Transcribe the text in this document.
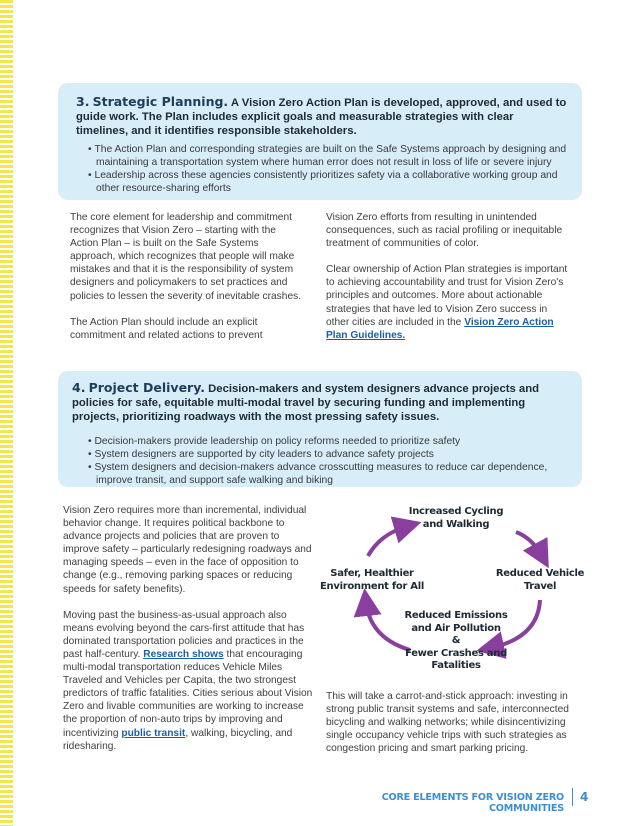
3. Strategic Planning. A Vision Zero Action Plan is developed, approved, and used to guide work. The Plan includes explicit goals and measurable strategies with clear timelines, and it identifies responsible stakeholders.
• The Action Plan and corresponding strategies are built on the Safe Systems approach by designing and maintaining a transportation system where human error does not result in loss of life or severe injury
• Leadership across these agencies consistently prioritizes safety via a collaborative working group and other resource-sharing efforts

The core element for leadership and commitment recognizes that Vision Zero – starting with the Action Plan – is built on the Safe Systems approach, which recognizes that people will make mistakes and that it is the responsibility of system designers and policymakers to set practices and policies to lessen the severity of inevitable crashes.

The Action Plan should include an explicit commitment and related actions to prevent

Vision Zero efforts from resulting in unintended consequences, such as racial profiling or inequitable treatment of communities of color.

Clear ownership of Action Plan strategies is important to achieving accountability and trust for Vision Zero's principles and outcomes. More about actionable strategies that have led to Vision Zero success in other cities are included in the Vision Zero Action Plan Guidelines.

4. Project Delivery. Decision-makers and system designers advance projects and policies for safe, equitable multi-modal travel by securing funding and implementing projects, prioritizing roadways with the most pressing safety issues.
• Decision-makers provide leadership on policy reforms needed to prioritize safety
• System designers are supported by city leaders to advance safety projects
• System designers and decision-makers advance crosscutting measures to reduce car dependence, improve transit, and support safe walking and biking

Vision Zero requires more than incremental, individual behavior change. It requires political backbone to advance projects and policies that are proven to improve safety – particularly redesigning roadways and managing speeds – even in the face of opposition to change (e.g., removing parking spaces or reducing speeds for safety benefits).

Moving past the business-as-usual approach also means evolving beyond the cars-first attitude that has dominated transportation policies and practices in the past half-century. Research shows that encouraging multi-modal transportation reduces Vehicle Miles Traveled and Vehicles per Capita, the two strongest predictors of traffic fatalities. Cities serious about Vision Zero and livable communities are working to increase the proportion of non-auto trips by improving and incentivizing public transit, walking, bicycling, and ridesharing.

Increased Cycling and Walking
Reduced Vehicle Travel
Reduced Emissions and Air Pollution
&
Fewer Crashes and Fatalities
Safer, Healthier Environment for All

This will take a carrot-and-stick approach: investing in strong public transit systems and safe, interconnected bicycling and walking networks; while disincentivizing single occupancy vehicle trips with such strategies as congestion pricing and smart parking pricing.

CORE ELEMENTS FOR VISION ZERO COMMUNITIES
4
